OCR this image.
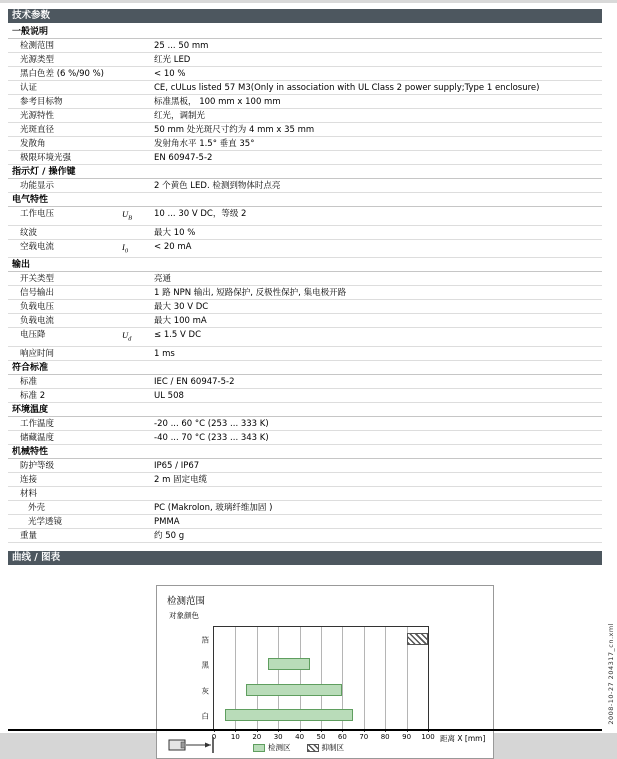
技术参数
一般说明
检测范围	25 ... 50 mm
光源类型	红光 LED
黑白色差 (6 %/90 %)	< 10 %
认证	CE, cULus listed 57 M3(Only in association with UL Class 2 power supply;Type 1 enclosure)
参考目标物	标准黑板， 100 mm x 100 mm
光源特性	红光，调制光
光斑直径	50 mm 处光斑尺寸约为 4 mm x 35 mm
发散角	发射角水平 1.5° 垂直 35°
极限环境光强	EN 60947-5-2
指示灯 / 操作键
功能显示	2 个黄色 LED. 检测到物体时点亮
电气特性
工作电压	$U_B$	10 ... 30 V DC，等级 2
纹波	最大 10 %
空载电流	$I_0$	< 20 mA
输出
开关类型	亮通
信号输出	1 路 NPN 输出, 短路保护, 反极性保护, 集电极开路
负载电压	最大 30 V DC
负载电流	最大 100 mA
电压降	$U_d$	≤ 1.5 V DC
响应时间	1 ms
符合标准
标准	IEC / EN 60947-5-2
标准 2	UL 508
环境温度
工作温度	-20 ... 60 °C (253 ... 333 K)
储藏温度	-40 ... 70 °C (233 ... 343 K)
机械特性
防护等级	IP65 / IP67
连接	2 m 固定电缆
材料
外壳	PC (Makrolon, 玻璃纤维加固 )
光学透镜	PMMA
重量	约 50 g
曲线 / 图表
检测范围
对象颜色
距离 X [mm]
箔
黑
灰
白
0 10 20 30 40 50 60 70 80 90 100
检测区	抑制区
2008-10-27 204317_cn.xml
